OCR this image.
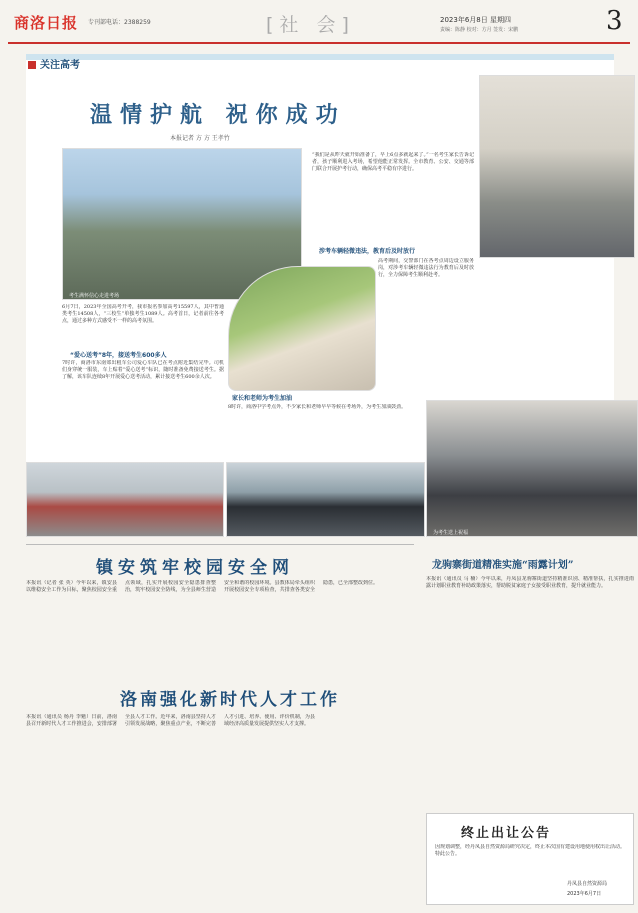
商洛日报 专刊部电话：2388259	[社 会]	2023年6月8日 星期四
责编：陈静 校对：方月 签发：宋鹏	3
关注高考
温情护航 祝你成功
本报记者 方 方 王孝竹
考生满怀信心走进考场
为考生送上祝福
6月7日，2023年全国高考开考，我市报名参加高考15597人，其中普通类考生14508人，“三校生”单独考生1089人。高考首日，记者前往各考点，通过多种方式感受不一样的高考氛围。
“爱心送考”8年，接送考生600多人
7时许，商洛市东南郊出租车公司爱心车队已在考点附近集结完毕。司机们身穿统一服装，车上贴着“爱心送考”标识，随时准备免费接送考生。据了解，该车队连续8年开展爱心送考活动，累计接送考生600余人次。
家长和老师为考生加油
8时许，商洛中学考点外，不少家长和老师早早等候在考场外，为考生加油鼓劲。
涉考车辆轻微违法，教育后及时放行
高考期间，交警部门在各考点周边设立服务岗，对涉考车辆轻微违法行为教育后及时放行，全力保障考生顺利赴考。
“我们是从昨天就开始准备了，早上6点多就起来了。”一名考生家长告诉记者，孩子顺利进入考场，希望他能正常发挥。全市教育、公安、交通等部门联合开展护考行动，确保高考平稳有序进行。
镇安筑牢校园安全网
本报讯（记者 张 英）今年以来，镇安县以维稳安全工作为目标，聚焦校园安全重点领域，扎实开展校园安全隐患排查整治，筑牢校园安全防线，为全县师生营造安全和谐的校园环境。县教体局牵头组织开展校园安全专项检查，共排查各类安全隐患，已全部整改到位。
龙驹寨街道精准实施“雨露计划”
本报讯（通讯员 马 楠）今年以来，丹凤县龙驹寨街道坚持精准识别、精准帮扶，扎实推进雨露计划职业教育补助政策落实，帮助脱贫家庭子女接受职业教育，提升就业能力。
洛南强化新时代人才工作
本报讯（通讯员 杨丹 李魁）日前，洛南县召开新时代人才工作推进会，安排部署全县人才工作。近年来，洛南县坚持人才引领发展战略，聚焦重点产业，不断完善人才引进、培养、使用、评价机制，为县域经济高质量发展提供坚实人才支撑。
终止出让公告
因规划调整，经丹凤县自然资源局研究决定，终止本次国有建设用地使用权出让活动。特此公告。
丹凤县自然资源局
2023年6月7日
